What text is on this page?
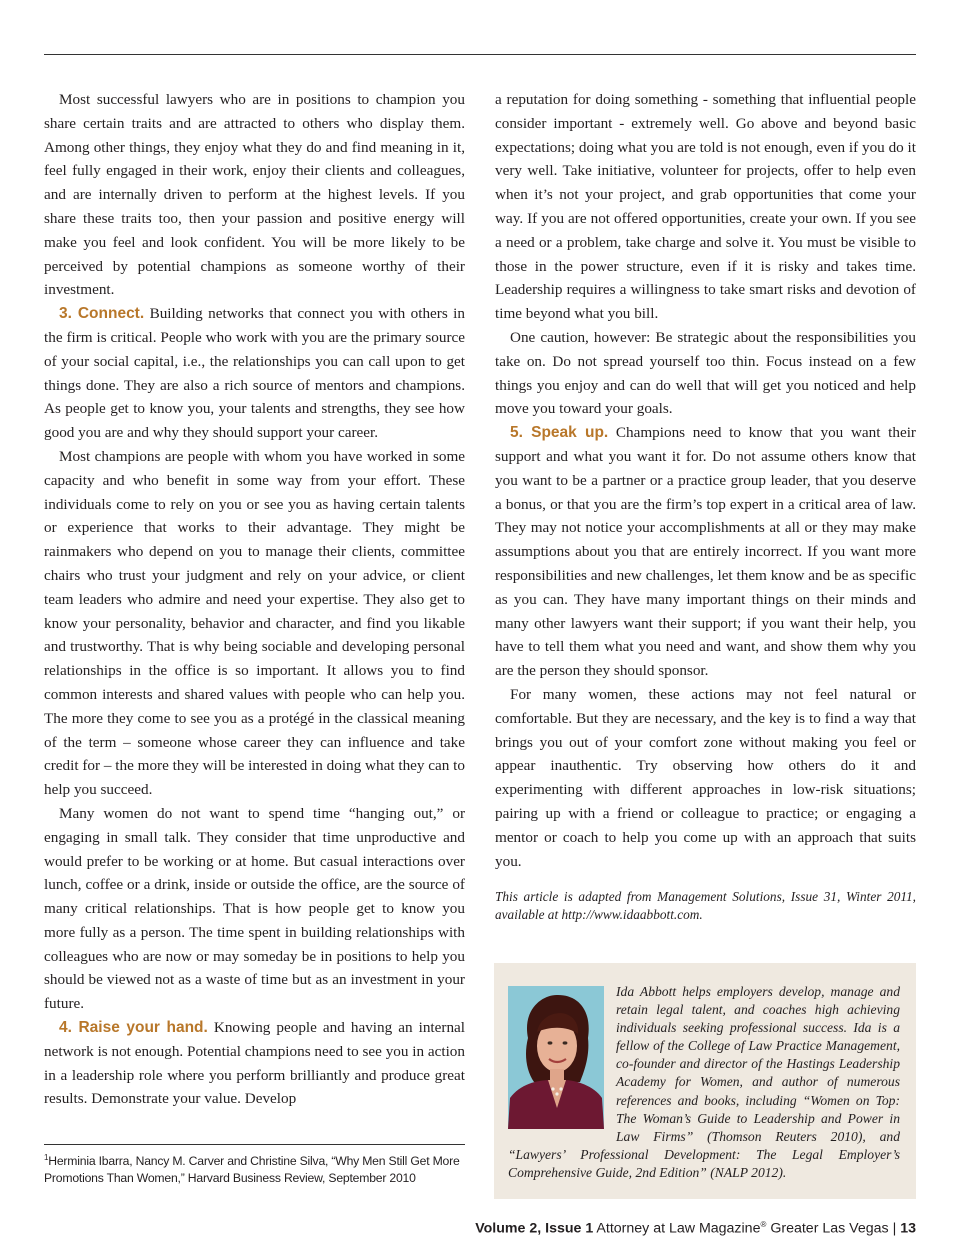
Most successful lawyers who are in positions to champion you share certain traits and are attracted to others who display them. Among other things, they enjoy what they do and find meaning in it, feel fully engaged in their work, enjoy their clients and colleagues, and are internally driven to perform at the highest levels. If you share these traits too, then your passion and positive energy will make you feel and look confident. You will be more likely to be perceived by potential champions as someone worthy of their investment.

3. Connect. Building networks that connect you with others in the firm is critical. People who work with you are the primary source of your social capital, i.e., the relationships you can call upon to get things done. They are also a rich source of mentors and champions. As people get to know you, your talents and strengths, they see how good you are and why they should support your career.

Most champions are people with whom you have worked in some capacity and who benefit in some way from your effort. These individuals come to rely on you or see you as having certain talents or experience that works to their advantage. They might be rainmakers who depend on you to manage their clients, committee chairs who trust your judgment and rely on your advice, or client team leaders who admire and need your expertise. They also get to know your personality, behavior and character, and find you likable and trustworthy. That is why being sociable and developing personal relationships in the office is so important. It allows you to find common interests and shared values with people who can help you. The more they come to see you as a protégé in the classical meaning of the term – someone whose career they can influence and take credit for – the more they will be interested in doing what they can to help you succeed.

Many women do not want to spend time “hanging out,” or engaging in small talk. They consider that time unproductive and would prefer to be working or at home. But casual interactions over lunch, coffee or a drink, inside or outside the office, are the source of many critical relationships. That is how people get to know you more fully as a person. The time spent in building relationships with colleagues who are now or may someday be in positions to help you should be viewed not as a waste of time but as an investment in your future.

4. Raise your hand. Knowing people and having an internal network is not enough. Potential champions need to see you in action in a leadership role where you perform brilliantly and produce great results. Demonstrate your value. Develop

$^1$Herminia Ibarra, Nancy M. Carver and Christine Silva, “Why Men Still Get More Promotions Than Women,” Harvard Business Review, September 2010

a reputation for doing something - something that influential people consider important - extremely well. Go above and beyond basic expectations; doing what you are told is not enough, even if you do it very well. Take initiative, volunteer for projects, offer to help even when it’s not your project, and grab opportunities that come your way. If you are not offered opportunities, create your own. If you see a need or a problem, take charge and solve it. You must be visible to those in the power structure, even if it is risky and takes time. Leadership requires a willingness to take smart risks and devotion of time beyond what you bill.

One caution, however: Be strategic about the responsibilities you take on. Do not spread yourself too thin. Focus instead on a few things you enjoy and can do well that will get you noticed and help move you toward your goals.

5. Speak up. Champions need to know that you want their support and what you want it for. Do not assume others know that you want to be a partner or a practice group leader, that you deserve a bonus, or that you are the firm’s top expert in a critical area of law. They may not notice your accomplishments at all or they may make assumptions about you that are entirely incorrect. If you want more responsibilities and new challenges, let them know and be as specific as you can. They have many important things on their minds and many other lawyers want their support; if you want their help, you have to tell them what you need and want, and show them why you are the person they should sponsor.

For many women, these actions may not feel natural or comfortable. But they are necessary, and the key is to find a way that brings you out of your comfort zone without making you feel or appear inauthentic. Try observing how others do it and experimenting with different approaches in low-risk situations; pairing up with a friend or colleague to practice; or engaging a mentor or coach to help you come up with an approach that suits you.

This article is adapted from Management Solutions, Issue 31, Winter 2011, available at http://www.idaabbott.com.
Ida Abbott helps employers develop, manage and retain legal talent, and coaches high achieving individuals seeking professional success. Ida is a fellow of the College of Law Practice Management, co-founder and director of the Hastings Leadership Academy for Women, and author of numerous references and books, including “Women on Top: The Woman’s Guide to Leadership and Power in Law Firms” (Thomson Reuters 2010), and “Lawyers’ Professional Development: The Legal Employer’s Comprehensive Guide, 2nd Edition” (NALP 2012).
Volume 2, Issue 1 Attorney at Law Magazine® Greater Las Vegas | 13
